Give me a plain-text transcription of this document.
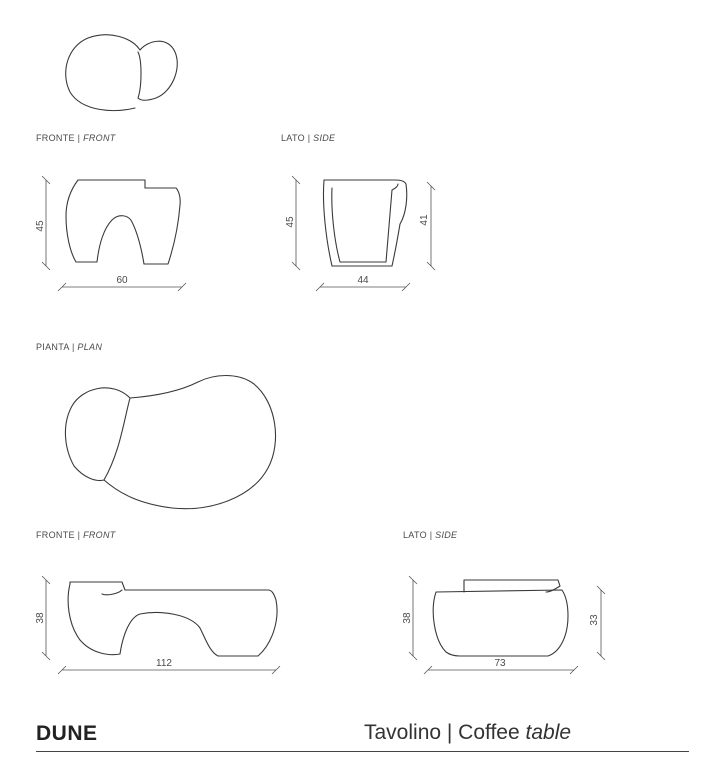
FRONTE | FRONT	LATO | SIDE
PIANTA | PLAN
FRONTE | FRONT	LATO | SIDE
45
60
45	41
44
38
112
38	33
73
DUNE	Tavolino | Coffee table
